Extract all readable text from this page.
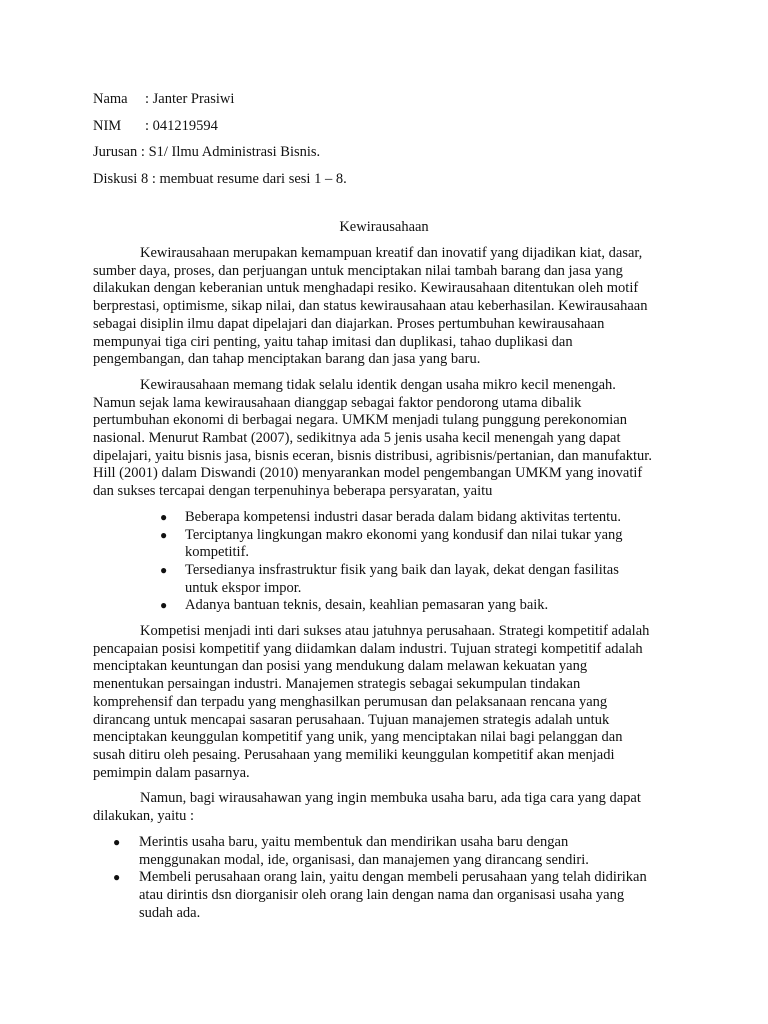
Nama : Janter Prasiwi
NIM : 041219594
Jurusan : S1/ Ilmu Administrasi Bisnis.
Diskusi 8 : membuat resume dari sesi 1 – 8.
Kewirausahaan

Kewirausahaan merupakan kemampuan kreatif dan inovatif yang dijadikan kiat, dasar, sumber daya, proses, dan perjuangan untuk menciptakan nilai tambah barang dan jasa yang dilakukan dengan keberanian untuk menghadapi resiko. Kewirausahaan ditentukan oleh motif berprestasi, optimisme, sikap nilai, dan status kewirausahaan atau keberhasilan. Kewirausahaan sebagai disiplin ilmu dapat dipelajari dan diajarkan. Proses pertumbuhan kewirausahaan mempunyai tiga ciri penting, yaitu tahap imitasi dan duplikasi, tahao duplikasi dan pengembangan, dan tahap menciptakan barang dan jasa yang baru.

Kewirausahaan memang tidak selalu identik dengan usaha mikro kecil menengah. Namun sejak lama kewirausahaan dianggap sebagai faktor pendorong utama dibalik pertumbuhan ekonomi di berbagai negara. UMKM menjadi tulang punggung perekonomian nasional. Menurut Rambat (2007), sedikitnya ada 5 jenis usaha kecil menengah yang dapat dipelajari, yaitu bisnis jasa, bisnis eceran, bisnis distribusi, agribisnis/pertanian, dan manufaktur. Hill (2001) dalam Diswandi (2010) menyarankan model pengembangan UMKM yang inovatif dan sukses tercapai dengan terpenuhinya beberapa persyaratan, yaitu

● Beberapa kompetensi industri dasar berada dalam bidang aktivitas tertentu.
● Terciptanya lingkungan makro ekonomi yang kondusif dan nilai tukar yang kompetitif.
● Tersedianya insfrastruktur fisik yang baik dan layak, dekat dengan fasilitas untuk ekspor impor.
● Adanya bantuan teknis, desain, keahlian pemasaran yang baik.

Kompetisi menjadi inti dari sukses atau jatuhnya perusahaan. Strategi kompetitif adalah pencapaian posisi kompetitif yang diidamkan dalam industri. Tujuan strategi kompetitif adalah menciptakan keuntungan dan posisi yang mendukung dalam melawan kekuatan yang menentukan persaingan industri. Manajemen strategis sebagai sekumpulan tindakan komprehensif dan terpadu yang menghasilkan perumusan dan pelaksanaan rencana yang dirancang untuk mencapai sasaran perusahaan. Tujuan manajemen strategis adalah untuk menciptakan keunggulan kompetitif yang unik, yang menciptakan nilai bagi pelanggan dan susah ditiru oleh pesaing. Perusahaan yang memiliki keunggulan kompetitif akan menjadi pemimpin dalam pasarnya.

Namun, bagi wirausahawan yang ingin membuka usaha baru, ada tiga cara yang dapat dilakukan, yaitu :

● Merintis usaha baru, yaitu membentuk dan mendirikan usaha baru dengan menggunakan modal, ide, organisasi, dan manajemen yang dirancang sendiri.
● Membeli perusahaan orang lain, yaitu dengan membeli perusahaan yang telah didirikan atau dirintis dsn diorganisir oleh orang lain dengan nama dan organisasi usaha yang sudah ada.
